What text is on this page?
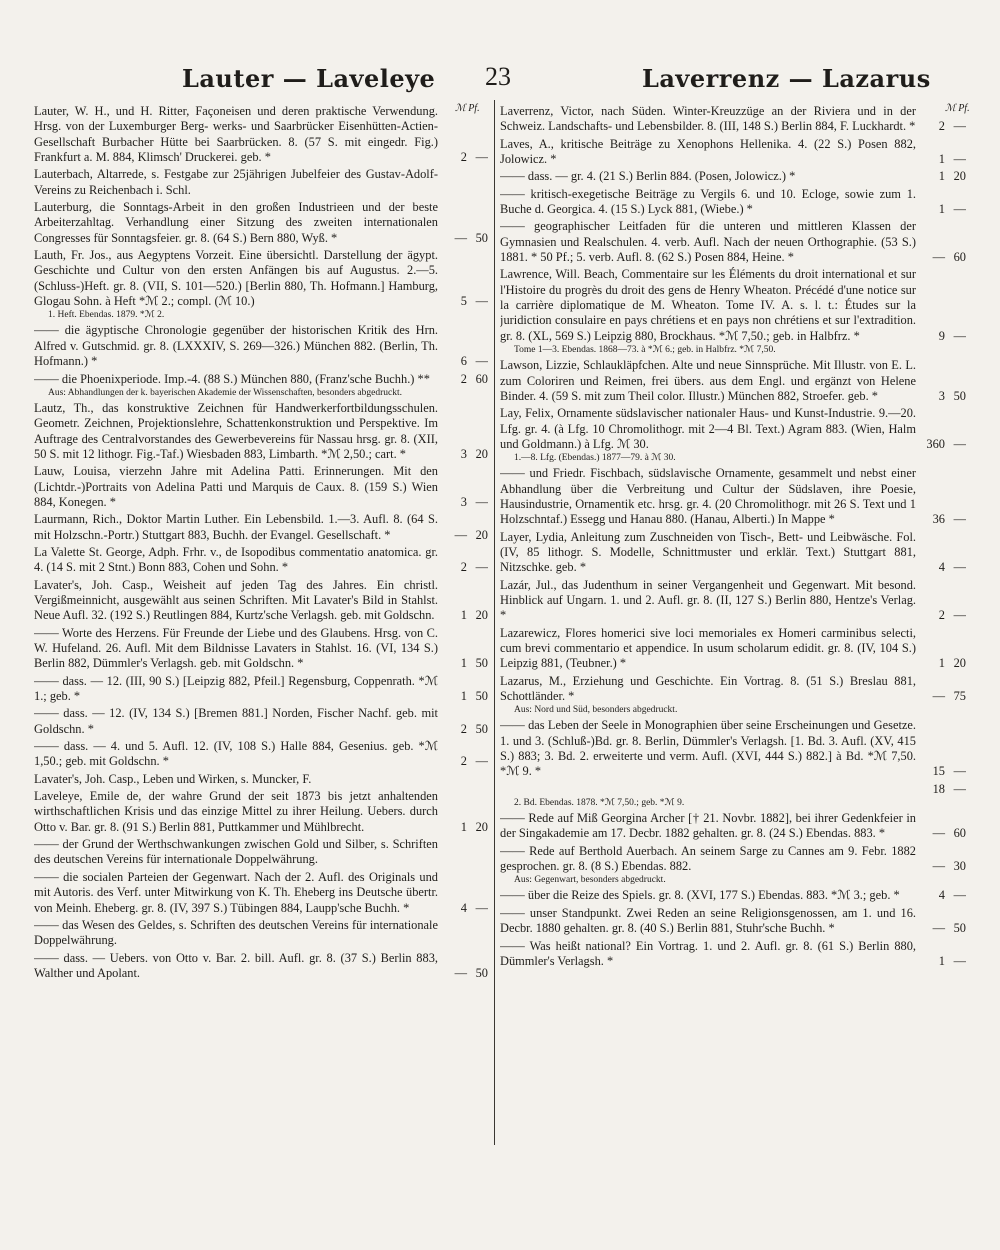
Lauter — Laveleye 23	Laverrenz — Lazarus
ℳ Pf.	ℳ Pf.
Lauter, W. H., und H. Ritter, Façoneisen und deren praktische Verwendung. Hrsg. von der Luxemburger Berg- werks- und Saarbrücker Eisenhütten-Actien-Gesellschaft Burbacher Hütte bei Saarbrücken. 8. (57 S. mit eingedr. Fig.) Frankfurt a. M. 884, Klimsch' Druckerei. geb. *	2 —
Lauterbach, Altarrede, s. Festgabe zur 25jährigen Jubelfeier des Gustav-Adolf-Vereins zu Reichenbach i. Schl.
Lauterburg, die Sonntags-Arbeit in den großen Industrieen und der beste Arbeiterzahltag. Verhandlung einer Sitzung des zweiten internationalen Congresses für Sonntagsfeier. gr. 8. (64 S.) Bern 880, Wyß. *	— 50
Lauth, Fr. Jos., aus Aegyptens Vorzeit. Eine übersichtl. Darstellung der ägypt. Geschichte und Cultur von den ersten Anfängen bis auf Augustus. 2.—5. (Schluss-)Heft. gr. 8. (VII, S. 101—520.) [Berlin 880, Th. Hofmann.] Hamburg, Glogau Sohn. à Heft *ℳ 2.; compl. (ℳ 10.)	5 —
1. Heft. Ebendas. 1879. *ℳ 2.
—— die ägyptische Chronologie gegenüber der historischen Kritik des Hrn. Alfred v. Gutschmid. gr. 8. (LXXXIV, S. 269—326.) München 882. (Berlin, Th. Hofmann.) *	6 —
—— die Phoenixperiode. Imp.-4. (88 S.) München 880, (Franz'sche Buchh.) **	2 60
Aus: Abhandlungen der k. bayerischen Akademie der Wissenschaften, besonders abgedruckt.
Lautz, Th., das konstruktive Zeichnen für Handwerkerfortbildungsschulen. Geometr. Zeichnen, Projektionslehre, Schattenkonstruktion und Perspektive. Im Auftrage des Centralvorstandes des Gewerbevereins für Nassau hrsg. gr. 8. (XII, 50 S. mit 12 lithogr. Fig.-Taf.) Wiesbaden 883, Limbarth. *ℳ 2,50.; cart. *	3 20
Lauw, Louisa, vierzehn Jahre mit Adelina Patti. Erinnerungen. Mit den (Lichtdr.-)Portraits von Adelina Patti und Marquis de Caux. 8. (159 S.) Wien 884, Konegen. *	3 —
Laurmann, Rich., Doktor Martin Luther. Ein Lebensbild. 1.—3. Aufl. 8. (64 S. mit Holzschn.-Portr.) Stuttgart 883, Buchh. der Evangel. Gesellschaft. *	— 20
La Valette St. George, Adph. Frhr. v., de Isopodibus commentatio anatomica. gr. 4. (14 S. mit 2 Stnt.) Bonn 883, Cohen und Sohn. *	2 —
Lavater's, Joh. Casp., Weisheit auf jeden Tag des Jahres. Ein christl. Vergißmeinnicht, ausgewählt aus seinen Schriften. Mit Lavater's Bild in Stahlst. Neue Aufl. 32. (192 S.) Reutlingen 884, Kurtz'sche Verlagsh. geb. mit Goldschn.	1 20
—— Worte des Herzens. Für Freunde der Liebe und des Glaubens. Hrsg. von C. W. Hufeland. 26. Aufl. Mit dem Bildnisse Lavaters in Stahlst. 16. (VI, 134 S.) Berlin 882, Dümmler's Verlagsh. geb. mit Goldschn. *	1 50
—— dass. — 12. (III, 90 S.) [Leipzig 882, Pfeil.] Regensburg, Coppenrath. *ℳ 1.; geb. *	1 50
—— dass. — 12. (IV, 134 S.) [Bremen 881.] Norden, Fischer Nachf. geb. mit Goldschn. *	2 50
—— dass. — 4. und 5. Aufl. 12. (IV, 108 S.) Halle 884, Gesenius. geb. *ℳ 1,50.; geb. mit Goldschn. *	2 —
Lavater's, Joh. Casp., Leben und Wirken, s. Muncker, F.
Laveleye, Emile de, der wahre Grund der seit 1873 bis jetzt anhaltenden wirthschaftlichen Krisis und das einzige Mittel zu ihrer Heilung. Uebers. durch Otto v. Bar. gr. 8. (91 S.) Berlin 881, Puttkammer und Mühlbrecht.	1 20
—— der Grund der Werthschwankungen zwischen Gold und Silber, s. Schriften des deutschen Vereins für internationale Doppelwährung.
—— die socialen Parteien der Gegenwart. Nach der 2. Aufl. des Originals und mit Autoris. des Verf. unter Mitwirkung von K. Th. Eheberg ins Deutsche übertr. von Meinh. Eheberg. gr. 8. (IV, 397 S.) Tübingen 884, Laupp'sche Buchh. *	4 —
—— das Wesen des Geldes, s. Schriften des deutschen Vereins für internationale Doppelwährung.
—— dass. — Uebers. von Otto v. Bar. 2. bill. Aufl. gr. 8. (37 S.) Berlin 883, Walther und Apolant.	— 50
Laverrenz, Victor, nach Süden. Winter-Kreuzzüge an der Riviera und in der Schweiz. Landschafts- und Lebensbilder. 8. (III, 148 S.) Berlin 884, F. Luckhardt. *	2 —
Laves, A., kritische Beiträge zu Xenophons Hellenika. 4. (22 S.) Posen 882, Jolowicz. *	1 —
—— dass. — gr. 4. (21 S.) Berlin 884. (Posen, Jolowicz.) *	1 20
—— kritisch-exegetische Beiträge zu Vergils 6. und 10. Ecloge, sowie zum 1. Buche d. Georgica. 4. (15 S.) Lyck 881, (Wiebe.) *	1 —
—— geographischer Leitfaden für die unteren und mittleren Klassen der Gymnasien und Realschulen. 4. verb. Aufl. Nach der neuen Orthographie. (53 S.) 1881. * 50 Pf.; 5. verb. Aufl. 8. (62 S.) Posen 884, Heine. *	— 60
Lawrence, Will. Beach, Commentaire sur les Éléments du droit international et sur l'Histoire du progrès du droit des gens de Henry Wheaton. Précédé d'une notice sur la carrière diplomatique de M. Wheaton. Tome IV. A. s. l. t.: Études sur la juridiction consulaire en pays chrétiens et en pays non chrétiens et sur l'extradition. gr. 8. (XL, 569 S.) Leipzig 880, Brockhaus. *ℳ 7,50.; geb. in Halbfrz. *	9 —
Tome 1—3. Ebendas. 1868—73. à *ℳ 6.; geb. in Halbfrz. *ℳ 7,50.
Lawson, Lizzie, Schlaukläpfchen. Alte und neue Sinnsprüche. Mit Illustr. von E. L. zum Coloriren und Reimen, frei übers. aus dem Engl. und ergänzt von Helene Binder. 4. (59 S. mit zum Theil color. Illustr.) München 882, Stroefer. geb. *	3 50
Lay, Felix, Ornamente südslavischer nationaler Haus- und Kunst-Industrie. 9.—20. Lfg. gr. 4. (à Lfg. 10 Chromolithogr. mit 2—4 Bl. Text.) Agram 883. (Wien, Halm und Goldmann.) à Lfg. ℳ 30.	360 —
1.—8. Lfg. (Ebendas.) 1877—79. à ℳ 30.
—— und Friedr. Fischbach, südslavische Ornamente, gesammelt und nebst einer Abhandlung über die Verbreitung und Cultur der Südslaven, ihre Poesie, Hausindustrie, Ornamentik etc. hrsg. gr. 4. (20 Chromolithogr. mit 26 S. Text und 1 Holzschntaf.) Essegg und Hanau 880. (Hanau, Alberti.) In Mappe *	36 —
Layer, Lydia, Anleitung zum Zuschneiden von Tisch-, Bett- und Leibwäsche. Fol. (IV, 85 lithogr. S. Modelle, Schnittmuster und erklär. Text.) Stuttgart 881, Nitzschke. geb. *	4 —
Lazár, Jul., das Judenthum in seiner Vergangenheit und Gegenwart. Mit besond. Hinblick auf Ungarn. 1. und 2. Aufl. gr. 8. (II, 127 S.) Berlin 880, Hentze's Verlag. *	2 —
Lazarewicz, Flores homerici sive loci memoriales ex Homeri carminibus selecti, cum brevi commentario et appendice. In usum scholarum edidit. gr. 8. (IV, 104 S.) Leipzig 881, (Teubner.) *	1 20
Lazarus, M., Erziehung und Geschichte. Ein Vortrag. 8. (51 S.) Breslau 881, Schottländer. *	— 75
Aus: Nord und Süd, besonders abgedruckt.
—— das Leben der Seele in Monographien über seine Erscheinungen und Gesetze. 1. und 3. (Schluß-)Bd. gr. 8. Berlin, Dümmler's Verlagsh. [1. Bd. 3. Aufl. (XV, 415 S.) 883; 3. Bd. 2. erweiterte und verm. Aufl. (XVI, 444 S.) 882.] à Bd. *ℳ 7,50. *ℳ 9. *	15 —
18 —
2. Bd. Ebendas. 1878. *ℳ 7,50.; geb. *ℳ 9.
—— Rede auf Miß Georgina Archer [† 21. Novbr. 1882], bei ihrer Gedenkfeier in der Singakademie am 17. Decbr. 1882 gehalten. gr. 8. (24 S.) Ebendas. 883. *	— 60
—— Rede auf Berthold Auerbach. An seinem Sarge zu Cannes am 9. Febr. 1882 gesprochen. gr. 8. (8 S.) Ebendas. 882.	— 30
Aus: Gegenwart, besonders abgedruckt.
—— über die Reize des Spiels. gr. 8. (XVI, 177 S.) Ebendas. 883. *ℳ 3.; geb. *	4 —
—— unser Standpunkt. Zwei Reden an seine Religionsgenossen, am 1. und 16. Decbr. 1880 gehalten. gr. 8. (40 S.) Berlin 881, Stuhr'sche Buchh. *	— 50
—— Was heißt national? Ein Vortrag. 1. und 2. Aufl. gr. 8. (61 S.) Berlin 880, Dümmler's Verlagsh. *	1 —
